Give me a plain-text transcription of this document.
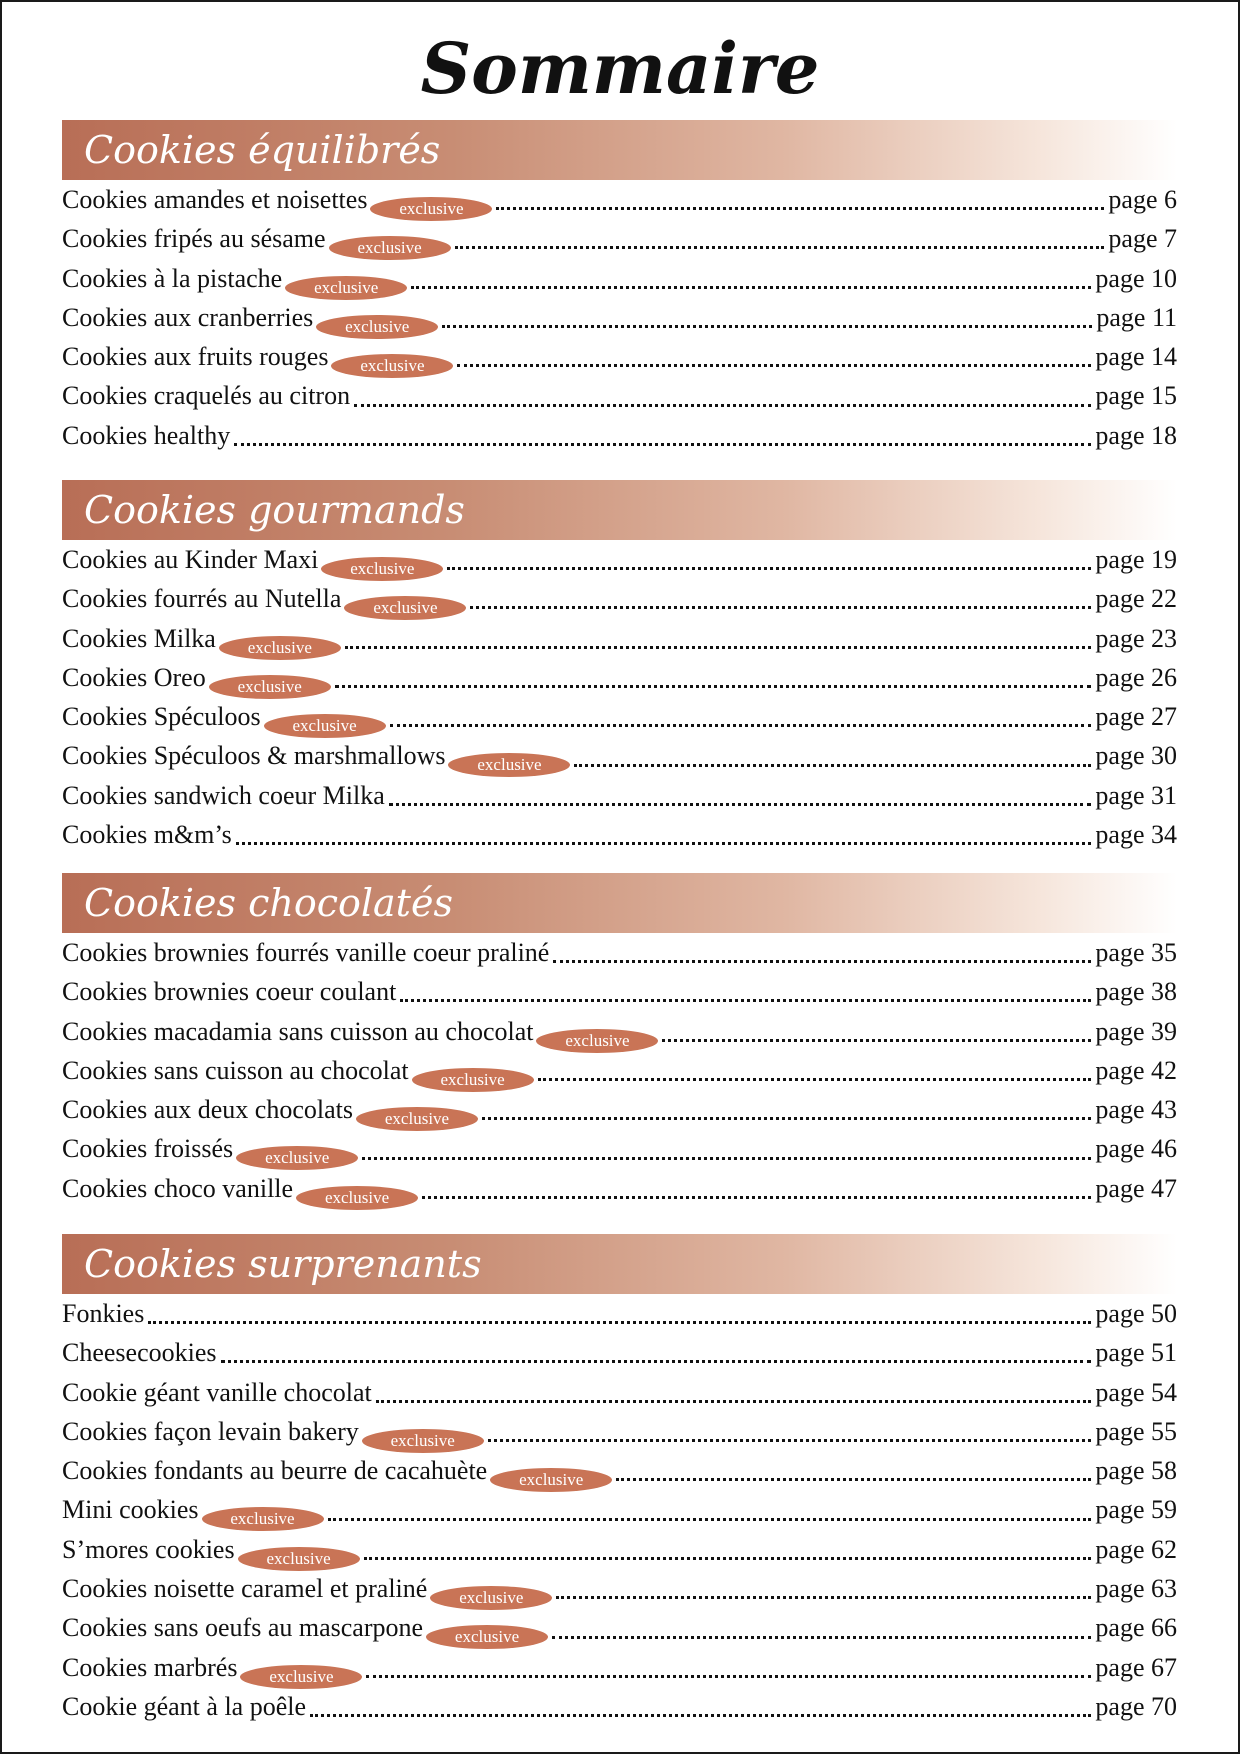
Sommaire
Cookies équilibrés
Cookies amandes et noisettes	exclusive	page 6
Cookies fripés au sésame	exclusive	page 7
Cookies à la pistache	exclusive	page 10
Cookies aux cranberries	exclusive	page 11
Cookies aux fruits rouges	exclusive	page 14
Cookies craquelés au citron	page 15
Cookies healthy	page 18
Cookies gourmands
Cookies au Kinder Maxi	exclusive	page 19
Cookies fourrés au Nutella	exclusive	page 22
Cookies Milka	exclusive	page 23
Cookies Oreo	exclusive	page 26
Cookies Spéculoos	exclusive	page 27
Cookies Spéculoos & marshmallows	exclusive	page 30
Cookies sandwich coeur Milka	page 31
Cookies m&m’s	page 34
Cookies chocolatés
Cookies brownies fourrés vanille coeur praliné	page 35
Cookies brownies coeur coulant	page 38
Cookies macadamia sans cuisson au chocolat	exclusive	page 39
Cookies sans cuisson au chocolat	exclusive	page 42
Cookies aux deux chocolats	exclusive	page 43
Cookies froissés	exclusive	page 46
Cookies choco vanille	exclusive	page 47
Cookies surprenants
Fonkies	page 50
Cheesecookies	page 51
Cookie géant vanille chocolat	page 54
Cookies façon levain bakery	exclusive	page 55
Cookies fondants au beurre de cacahuète	exclusive	page 58
Mini cookies	exclusive	page 59
S’mores cookies	exclusive	page 62
Cookies noisette caramel et praliné	exclusive	page 63
Cookies sans oeufs au mascarpone	exclusive	page 66
Cookies marbrés	exclusive	page 67
Cookie géant à la poêle	page 70
